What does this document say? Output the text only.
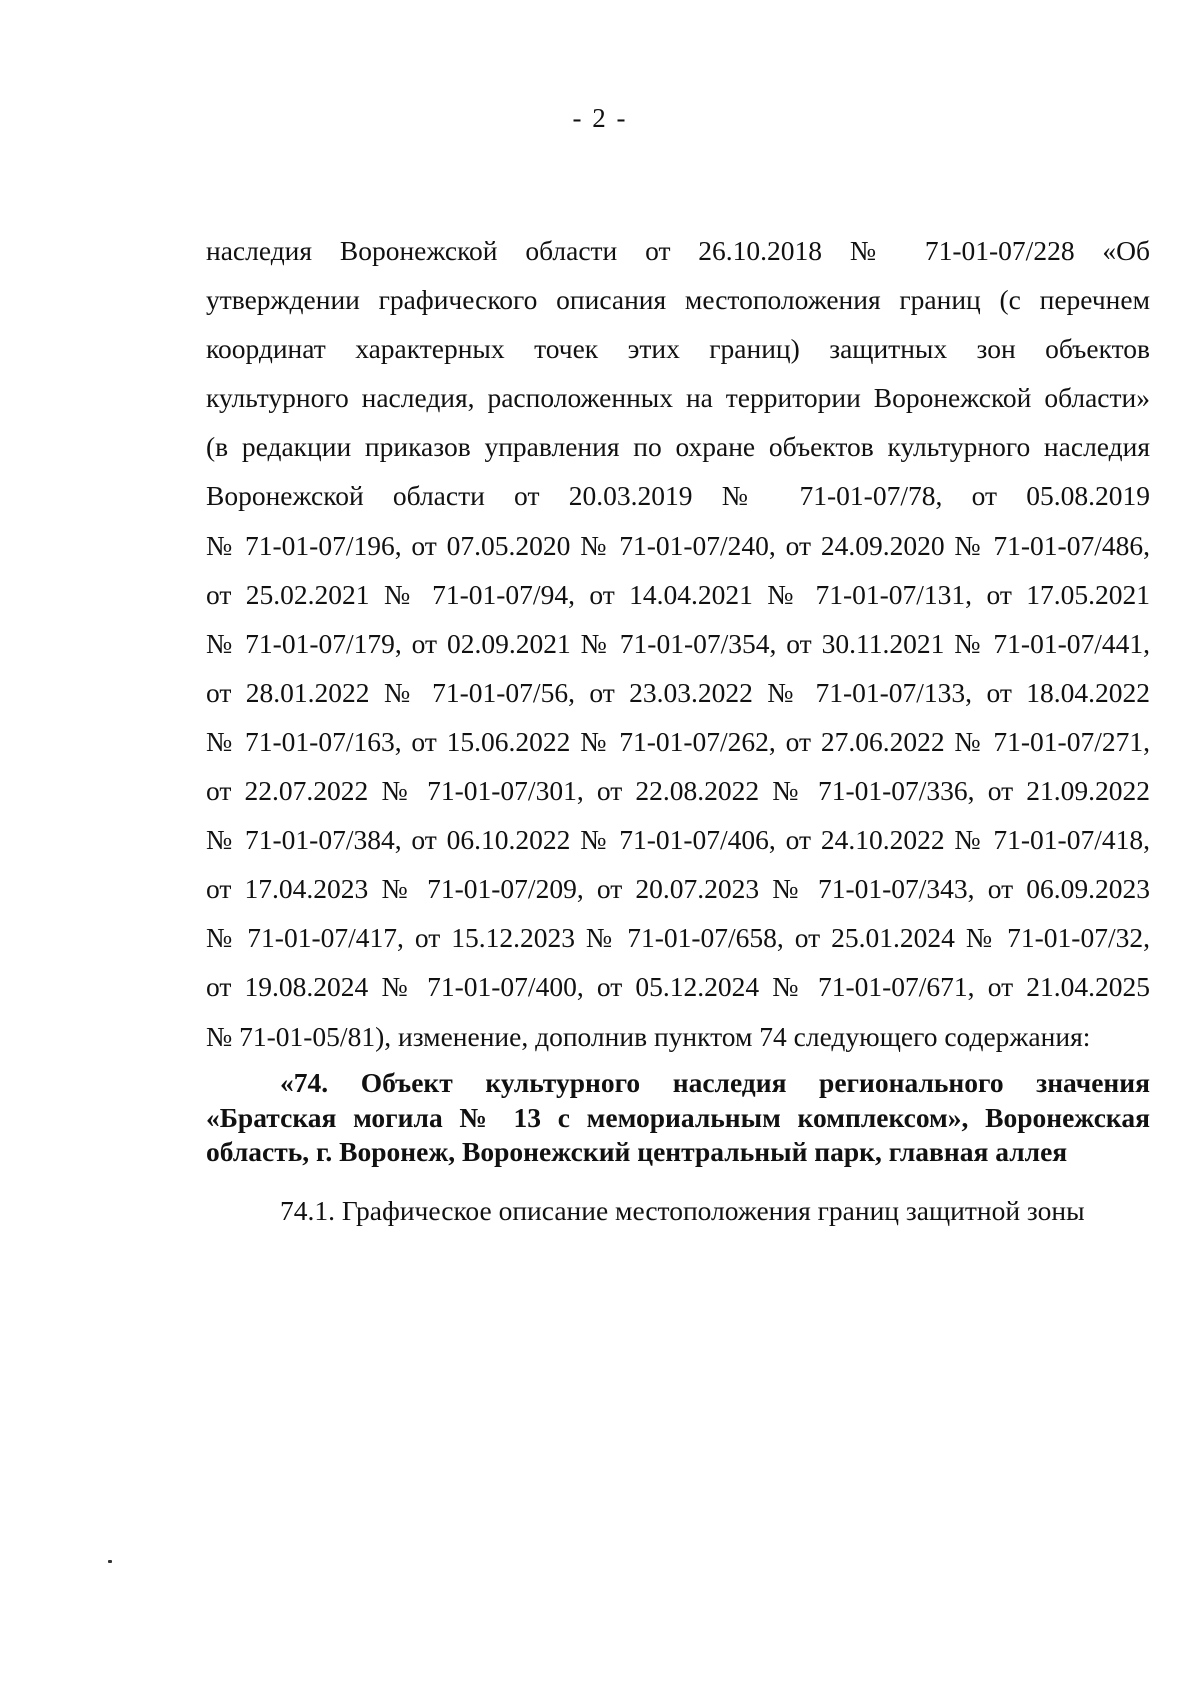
- 2 -
наследия Воронежской области от 26.10.2018 № 71-01-07/228 «Об
утверждении графического описания местоположения границ (с перечнем
координат характерных точек этих границ) защитных зон объектов
культурного наследия, расположенных на территории Воронежской области»
(в редакции приказов управления по охране объектов культурного наследия
Воронежской области от 20.03.2019 № 71-01-07/78, от 05.08.2019
№ 71-01-07/196, от 07.05.2020 № 71-01-07/240, от 24.09.2020 № 71-01-07/486,
от 25.02.2021 № 71-01-07/94, от 14.04.2021 № 71-01-07/131, от 17.05.2021
№ 71-01-07/179, от 02.09.2021 № 71-01-07/354, от 30.11.2021 № 71-01-07/441,
от 28.01.2022 № 71-01-07/56, от 23.03.2022 № 71-01-07/133, от 18.04.2022
№ 71-01-07/163, от 15.06.2022 № 71-01-07/262, от 27.06.2022 № 71-01-07/271,
от 22.07.2022 № 71-01-07/301, от 22.08.2022 № 71-01-07/336, от 21.09.2022
№ 71-01-07/384, от 06.10.2022 № 71-01-07/406, от 24.10.2022 № 71-01-07/418,
от 17.04.2023 № 71-01-07/209, от 20.07.2023 № 71-01-07/343, от 06.09.2023
№ 71-01-07/417, от 15.12.2023 № 71-01-07/658, от 25.01.2024 № 71-01-07/32,
от 19.08.2024 № 71-01-07/400, от 05.12.2024 № 71-01-07/671, от 21.04.2025
№ 71-01-05/81), изменение, дополнив пунктом 74 следующего содержания:
«74. Объект культурного наследия регионального значения
«Братская могила № 13 с мемориальным комплексом», Воронежская
область, г. Воронеж, Воронежский центральный парк, главная аллея
74.1. Графическое описание местоположения границ защитной зоны
